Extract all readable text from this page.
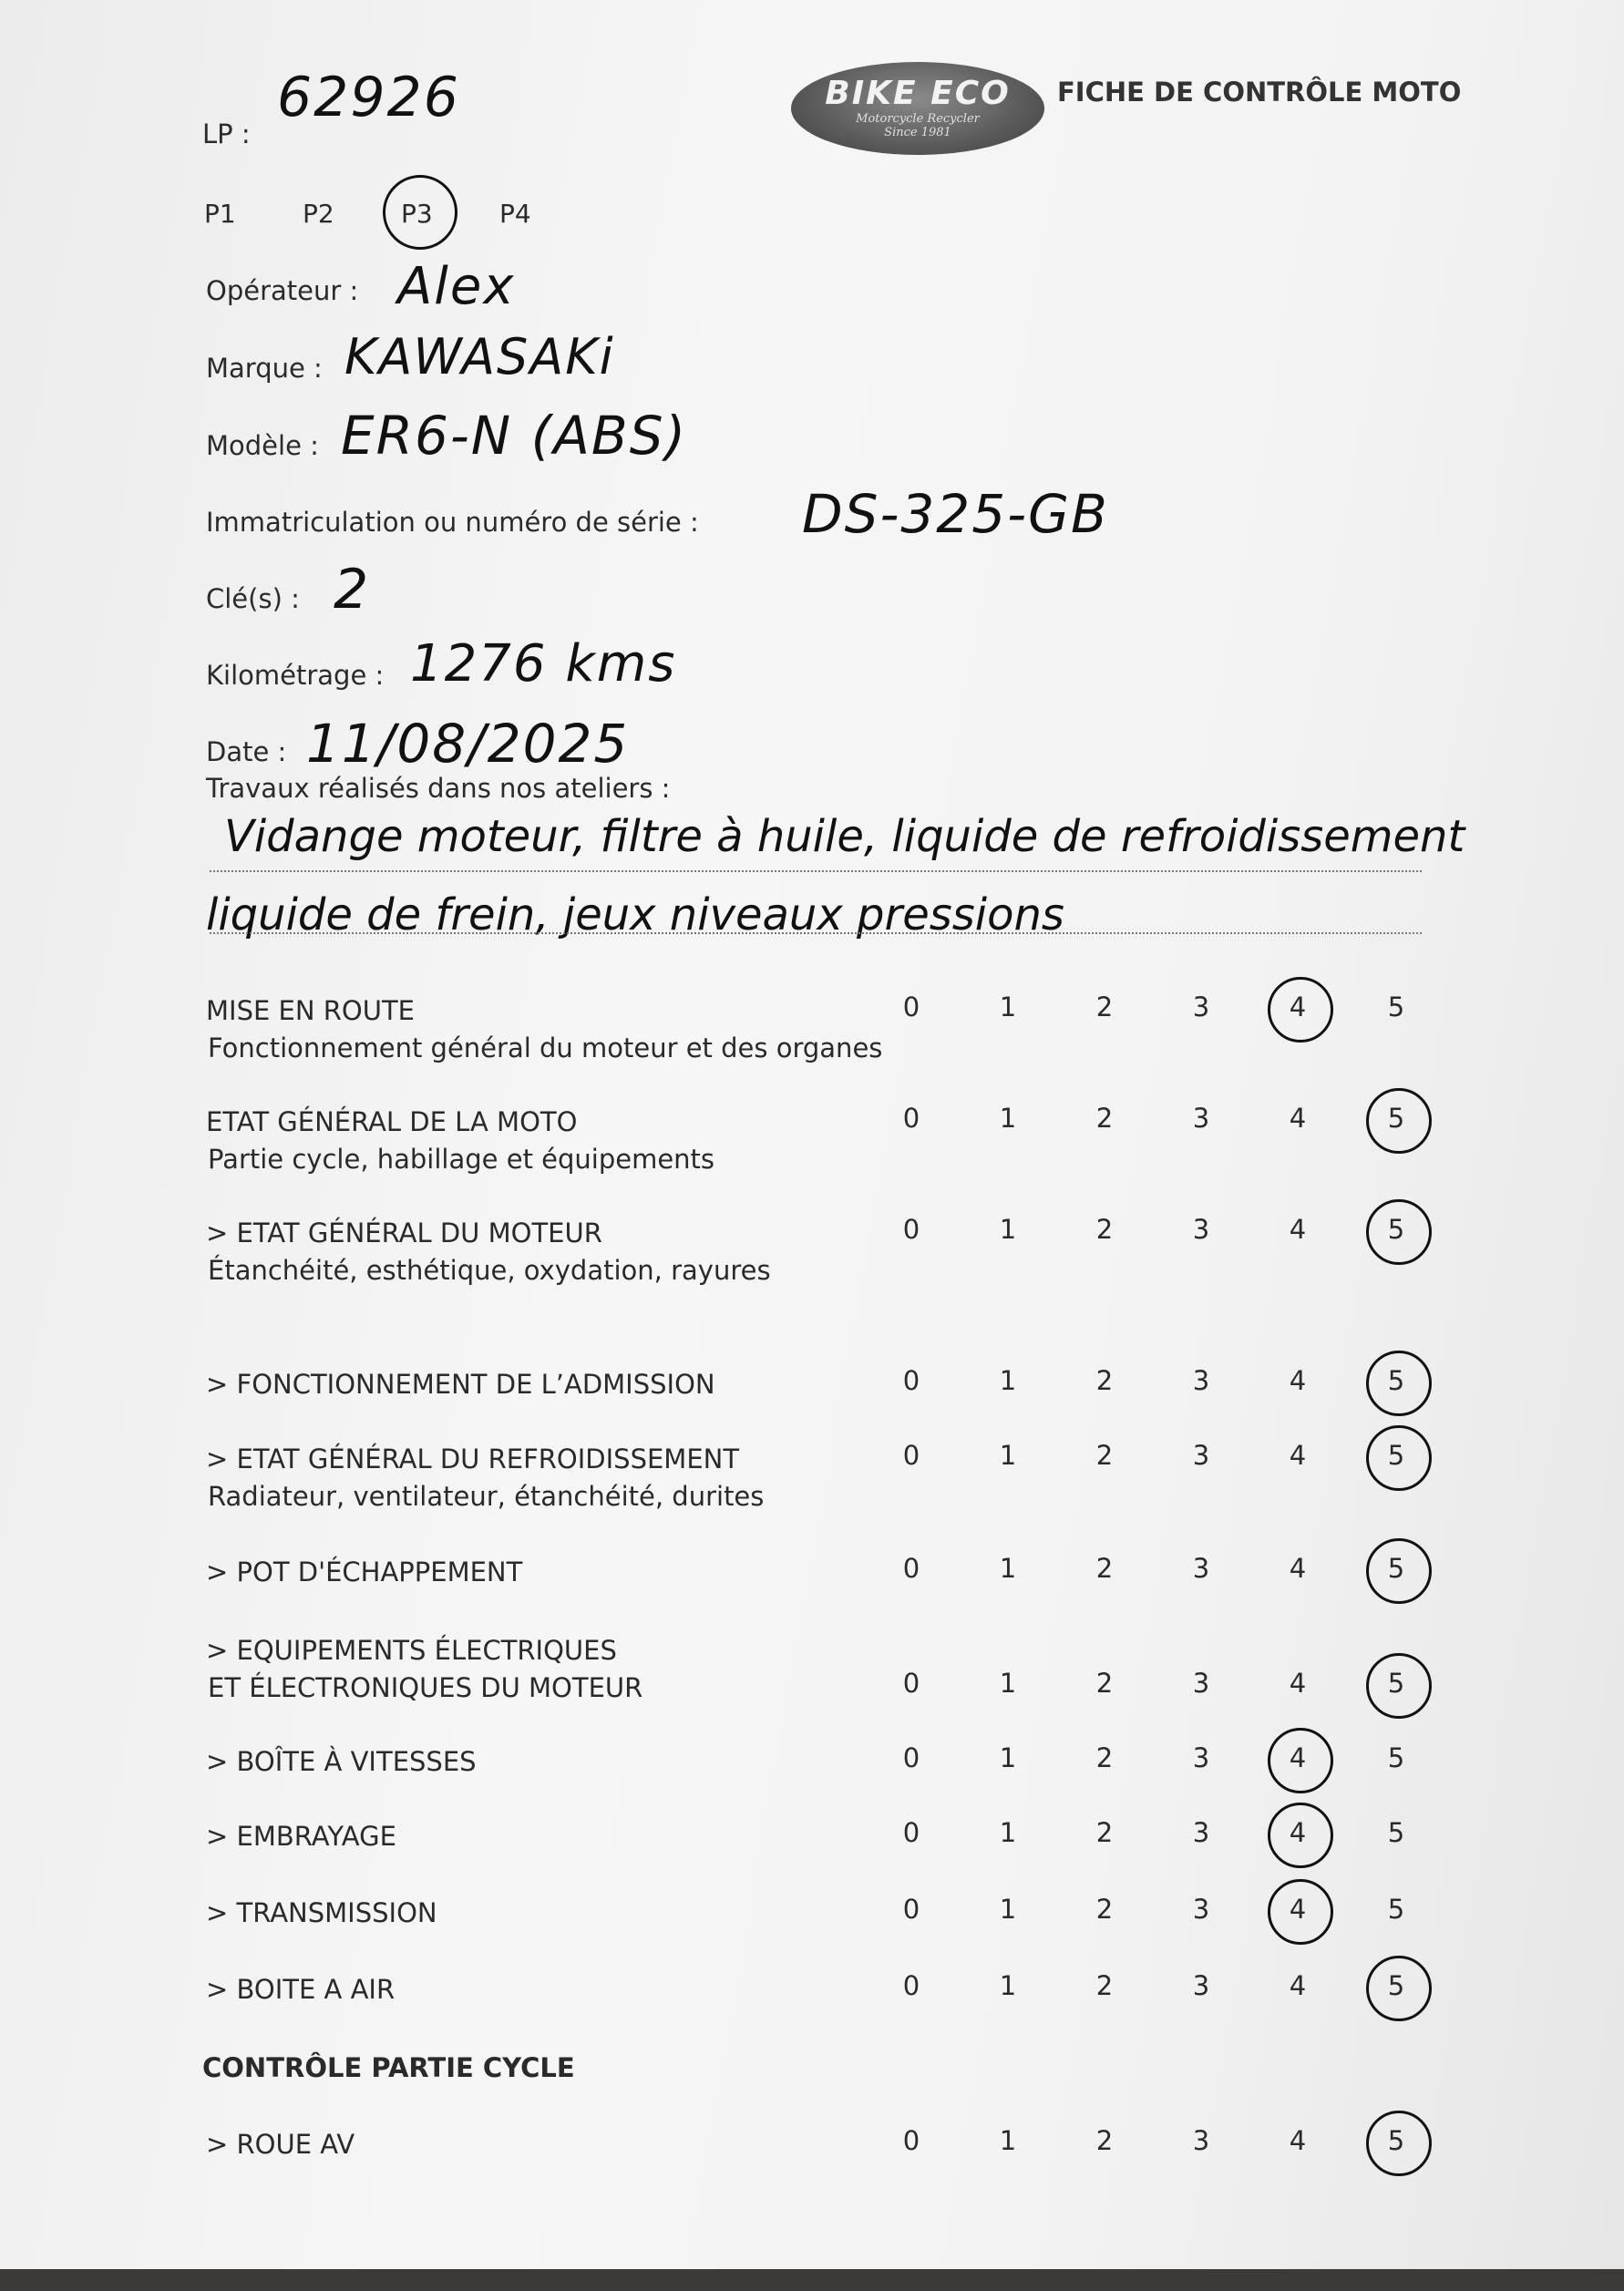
LP :
62926	BIKE ECO
Motorcycle Recycler
Since 1981
FICHE DE CONTRÔLE MOTO
P1	P2	P3	P4
Opérateur : Alex
Marque : KAWASAKi
Modèle : ER6-N (ABS)
Immatriculation ou numéro de série : DS-325-GB
Clé(s) : 2
Kilométrage : 1276 kms
Date : 11/08/2025
Travaux réalisés dans nos ateliers :
Vidange moteur, filtre à huile, liquide de refroidissement
liquide de frein, jeux niveaux pressions
MISE EN ROUTE
Fonctionnement général du moteur et des organes
0	1	2	3	4	5
ETAT GÉNÉRAL DE LA MOTO
Partie cycle, habillage et équipements
0	1	2	3	4	5
> ETAT GÉNÉRAL DU MOTEUR
Étanchéité, esthétique, oxydation, rayures
0	1	2	3	4	5
> FONCTIONNEMENT DE L’ADMISSION	0	1	2	3	4	5
> ETAT GÉNÉRAL DU REFROIDISSEMENT
Radiateur, ventilateur, étanchéité, durites
0	1	2	3	4	5
> POT D'ÉCHAPPEMENT	0	1	2	3	4	5
> EQUIPEMENTS ÉLECTRIQUES
ET ÉLECTRONIQUES DU MOTEUR	0	1	2	3	4	5
> BOÎTE À VITESSES	0	1	2	3	4	5
> EMBRAYAGE	0	1	2	3	4	5
> TRANSMISSION	0	1	2	3	4	5
> BOITE A AIR	0	1	2	3	4	5
CONTRÔLE PARTIE CYCLE
> ROUE AV	0	1	2	3	4	5
